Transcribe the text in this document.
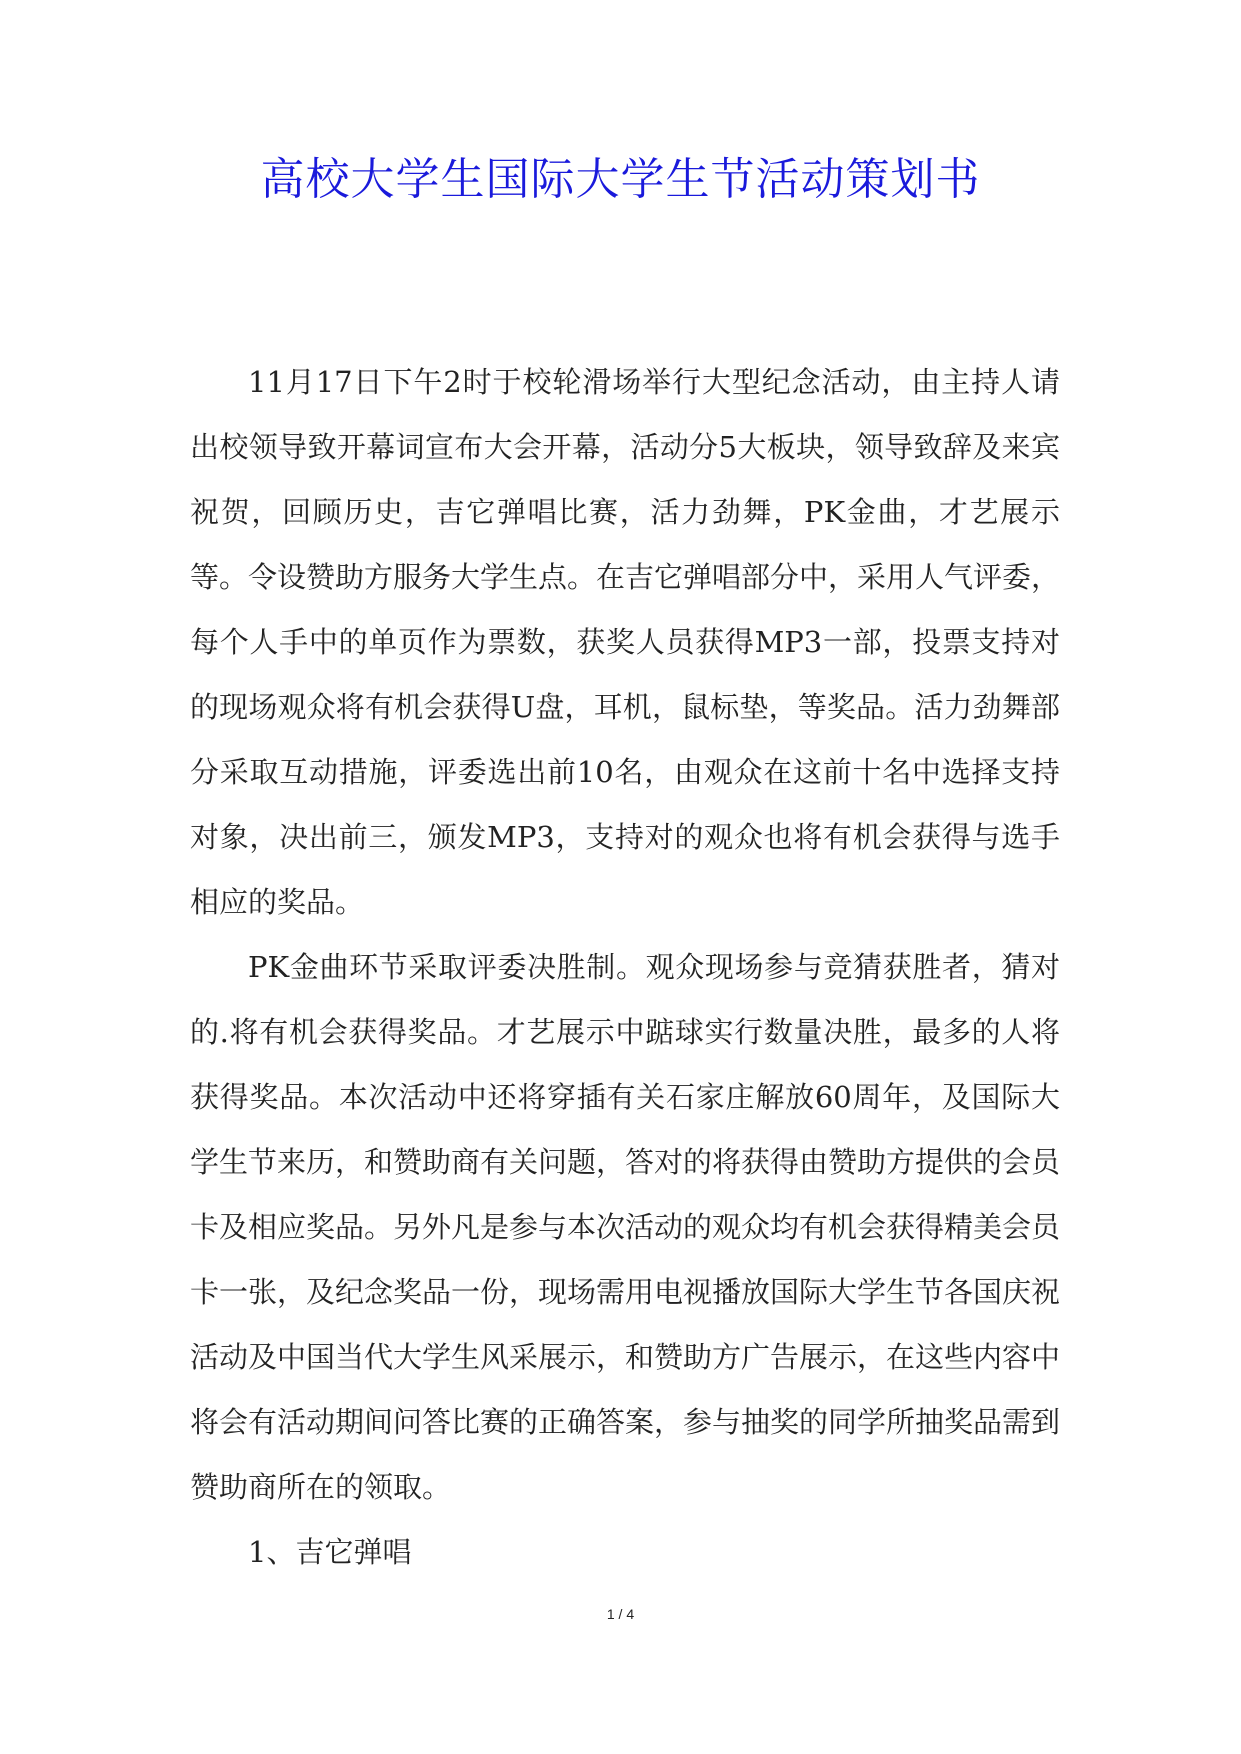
高校大学生国际大学生节活动策划书

11月17日下午2时于校轮滑场举行大型纪念活动，由主持人请出校领导致开幕词宣布大会开幕，活动分5大板块，领导致辞及来宾祝贺，回顾历史，吉它弹唱比赛，活力劲舞，PK金曲，才艺展示等。令设赞助方服务大学生点。在吉它弹唱部分中，采用人气评委，每个人手中的单页作为票数，获奖人员获得MP3一部，投票支持对的现场观众将有机会获得U盘，耳机，鼠标垫，等奖品。活力劲舞部分采取互动措施，评委选出前10名，由观众在这前十名中选择支持对象，决出前三，颁发MP3，支持对的观众也将有机会获得与选手相应的奖品。

PK金曲环节采取评委决胜制。观众现场参与竞猜获胜者，猜对的.将有机会获得奖品。才艺展示中踮球实行数量决胜，最多的人将获得奖品。本次活动中还将穿插有关石家庄解放60周年，及国际大学生节来历，和赞助商有关问题，答对的将获得由赞助方提供的会员卡及相应奖品。另外凡是参与本次活动的观众均有机会获得精美会员卡一张，及纪念奖品一份，现场需用电视播放国际大学生节各国庆祝活动及中国当代大学生风采展示，和赞助方广告展示，在这些内容中将会有活动期间问答比赛的正确答案，参与抽奖的同学所抽奖品需到赞助商所在的领取。

1、吉它弹唱

1 / 4
